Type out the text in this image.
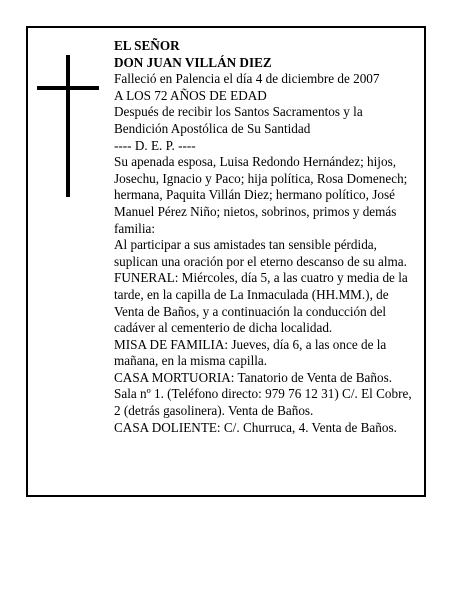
EL SEÑOR

DON JUAN VILLÁN DIEZ

Falleció en Palencia el día 4 de diciembre de 2007

A LOS 72 AÑOS DE EDAD

Después de recibir los Santos Sacramentos y la Bendición Apostólica de Su Santidad

---- D. E. P. ----

Su apenada esposa, Luisa Redondo Hernández; hijos, Josechu, Ignacio y Paco; hija política, Rosa Domenech; hermana, Paquita Villán Diez; hermano político, José Manuel Pérez Niño; nietos, sobrinos, primos y demás familia:

Al participar a sus amistades tan sensible pérdida, suplican una oración por el eterno descanso de su alma.

FUNERAL: Miércoles, día 5, a las cuatro y media de la tarde, en la capilla de La Inmaculada (HH.MM.), de Venta de Baños, y a continuación la conducción del cadáver al cementerio de dicha localidad.

MISA DE FAMILIA: Jueves, día 6, a las once de la mañana, en la misma capilla.

CASA MORTUORIA: Tanatorio de Venta de Baños. Sala nº 1. (Teléfono directo: 979 76 12 31) C/. El Cobre, 2 (detrás gasolinera). Venta de Baños.

CASA DOLIENTE: C/. Churruca, 4. Venta de Baños.
